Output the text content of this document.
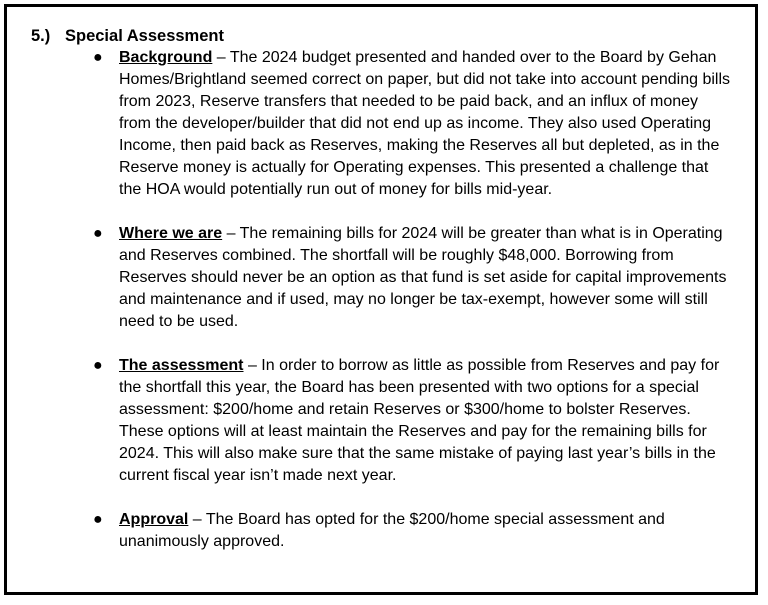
5.) Special Assessment
● Background – The 2024 budget presented and handed over to the Board by Gehan Homes/Brightland seemed correct on paper, but did not take into account pending bills from 2023, Reserve transfers that needed to be paid back, and an influx of money from the developer/builder that did not end up as income. They also used Operating Income, then paid back as Reserves, making the Reserves all but depleted, as in the Reserve money is actually for Operating expenses. This presented a challenge that the HOA would potentially run out of money for bills mid-year.
● Where we are – The remaining bills for 2024 will be greater than what is in Operating and Reserves combined. The shortfall will be roughly $48,000. Borrowing from Reserves should never be an option as that fund is set aside for capital improvements and maintenance and if used, may no longer be tax-exempt, however some will still need to be used.
● The assessment – In order to borrow as little as possible from Reserves and pay for the shortfall this year, the Board has been presented with two options for a special assessment: $200/home and retain Reserves or $300/home to bolster Reserves. These options will at least maintain the Reserves and pay for the remaining bills for 2024. This will also make sure that the same mistake of paying last year’s bills in the current fiscal year isn’t made next year.
● Approval – The Board has opted for the $200/home special assessment and unanimously approved.
